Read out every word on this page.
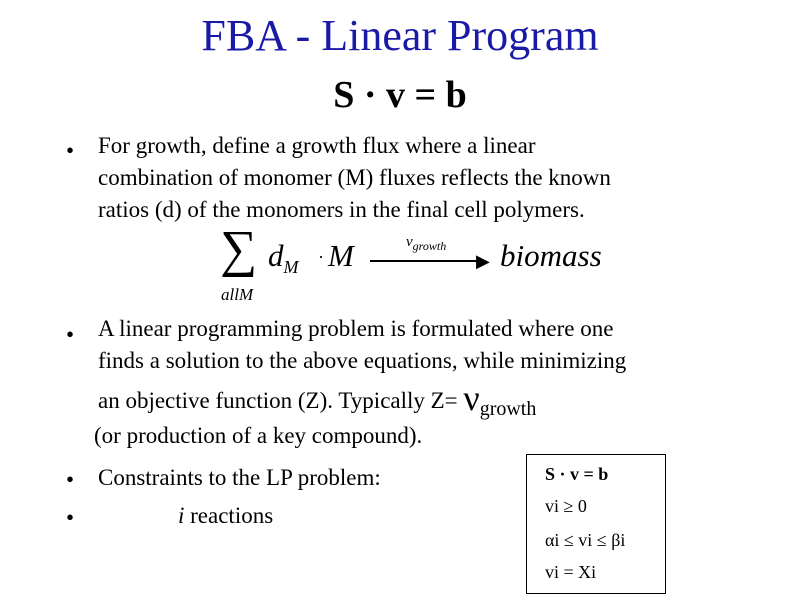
FBA - Linear Program
S · v = b
• For growth, define a growth flux where a linear
combination of monomer (M) fluxes reflects the known
ratios (d) of the monomers in the final cell polymers.
∑
allM
$d_M$
· M	$v_{growth}$
▶ biomass
• A linear programming problem is formulated where one
finds a solution to the above equations, while minimizing
an objective function (Z). Typically Z= νgrowth
(or production of a key compound).
• Constraints to the LP problem:
•	i reactions
S · v = b
vi ≥ 0
αi ≤ vi ≤ βi
vi = Xi
